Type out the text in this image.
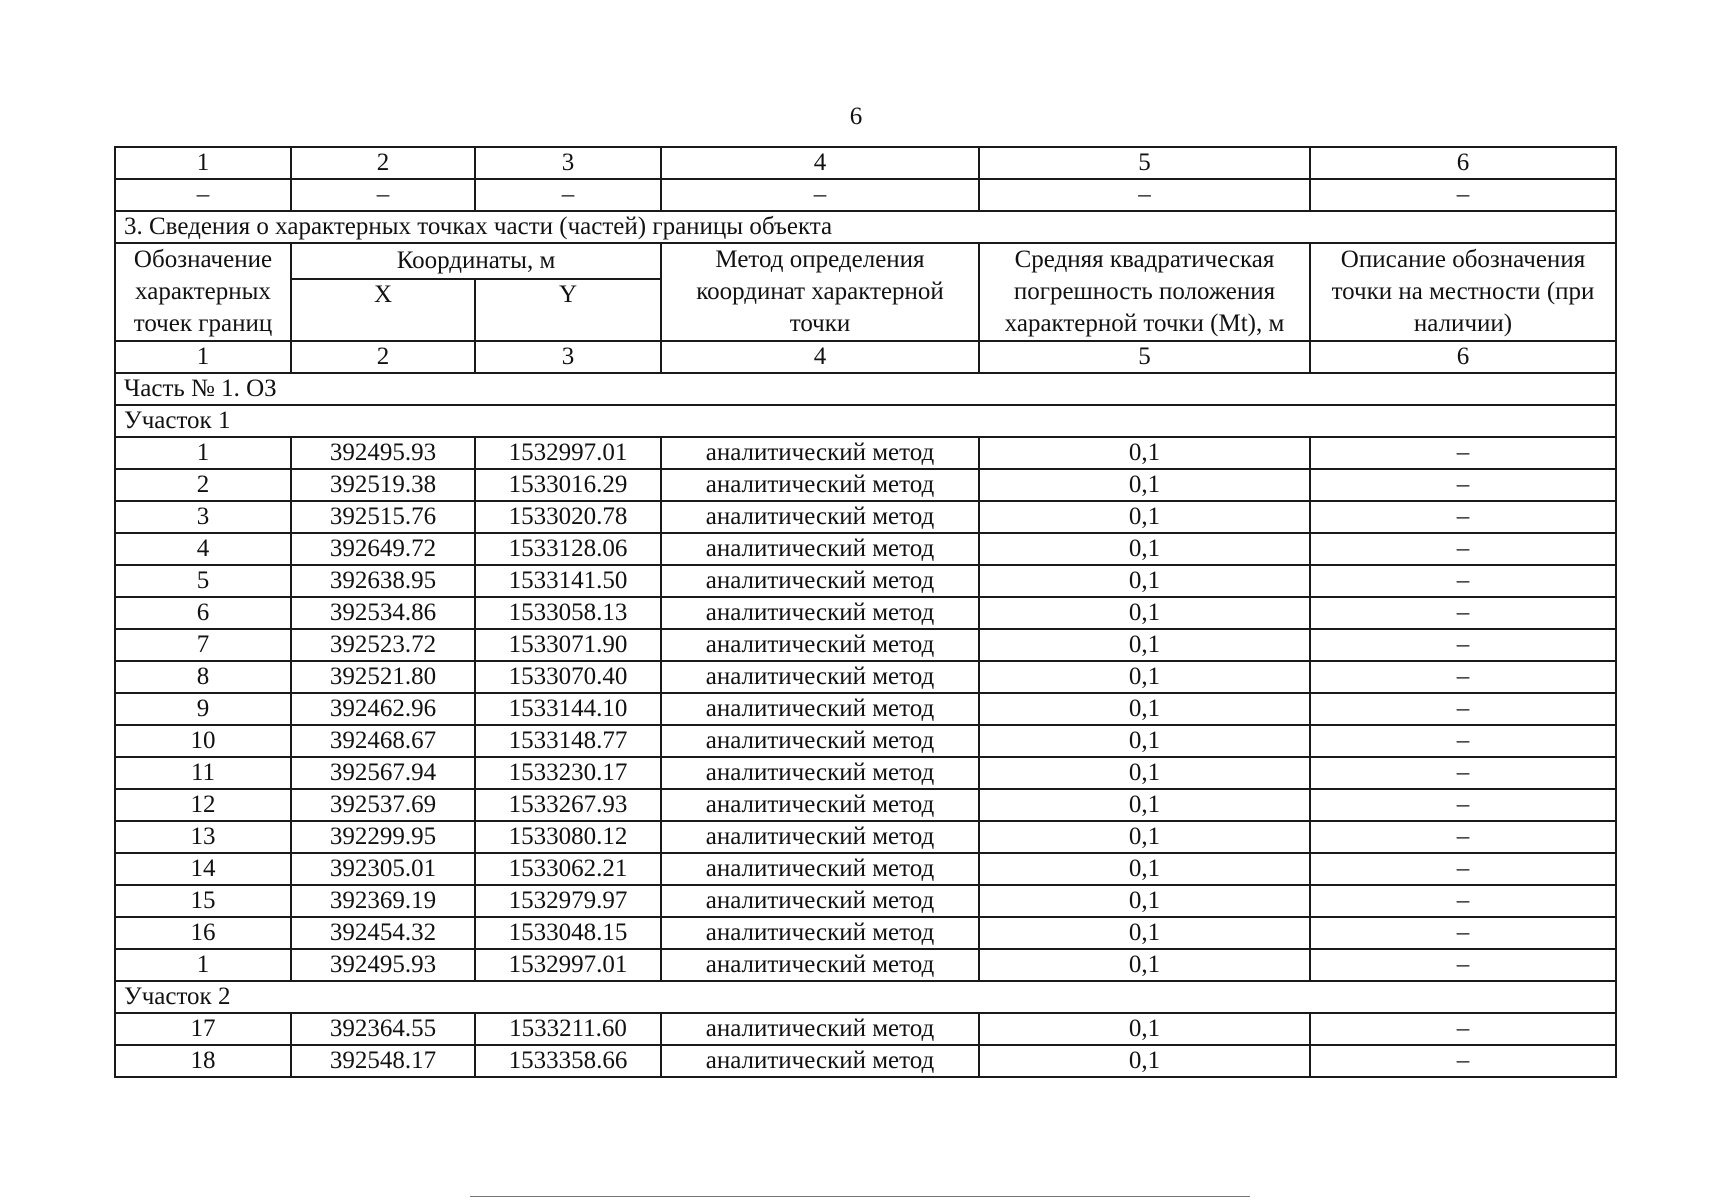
6
1	2	3	4	5	6
–	–	–	–	–	–
3. Сведения о характерных точках части (частей) границы объекта					
Обозначение характерных точек границ	Координаты, м		Метод определения координат характерной точки	Средняя квадратическая погрешность положения характерной точки (Mt), м	Описание обозначения точки на местности (при наличии)
	X	Y			
1	2	3	4	5	6
Часть № 1. ОЗ					
Участок 1					
1	392495.93	1532997.01	аналитический метод	0,1	–
2	392519.38	1533016.29	аналитический метод	0,1	–
3	392515.76	1533020.78	аналитический метод	0,1	–
4	392649.72	1533128.06	аналитический метод	0,1	–
5	392638.95	1533141.50	аналитический метод	0,1	–
6	392534.86	1533058.13	аналитический метод	0,1	–
7	392523.72	1533071.90	аналитический метод	0,1	–
8	392521.80	1533070.40	аналитический метод	0,1	–
9	392462.96	1533144.10	аналитический метод	0,1	–
10	392468.67	1533148.77	аналитический метод	0,1	–
11	392567.94	1533230.17	аналитический метод	0,1	–
12	392537.69	1533267.93	аналитический метод	0,1	–
13	392299.95	1533080.12	аналитический метод	0,1	–
14	392305.01	1533062.21	аналитический метод	0,1	–
15	392369.19	1532979.97	аналитический метод	0,1	–
16	392454.32	1533048.15	аналитический метод	0,1	–
1	392495.93	1532997.01	аналитический метод	0,1	–
Участок 2					
17	392364.55	1533211.60	аналитический метод	0,1	–
18	392548.17	1533358.66	аналитический метод	0,1	–
